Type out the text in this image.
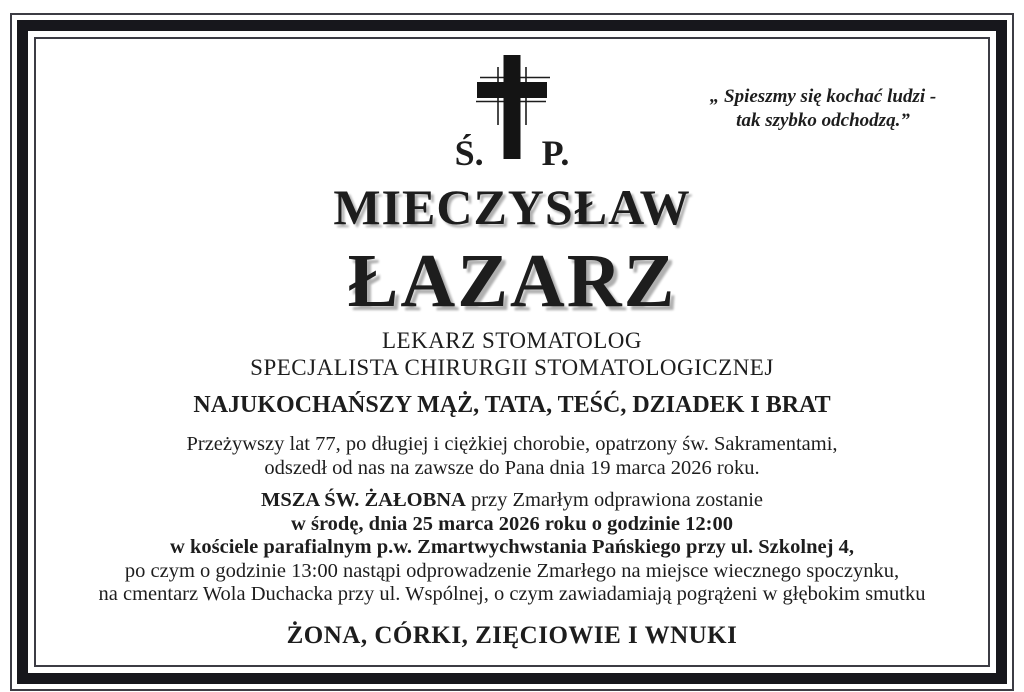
Ś. P.
„ Spieszmy się kochać ludzi -
tak szybko odchodzą.”
MIECZYSŁAW
ŁAZARZ
LEKARZ STOMATOLOG
SPECJALISTA CHIRURGII STOMATOLOGICZNEJ
NAJUKOCHAŃSZY MĄŻ, TATA, TEŚĆ, DZIADEK I BRAT
Przeżywszy lat 77, po długiej i ciężkiej chorobie, opatrzony św. Sakramentami,
odszedł od nas na zawsze do Pana dnia 19 marca 2026 roku.
MSZA ŚW. ŻAŁOBNA przy Zmarłym odprawiona zostanie
w środę, dnia 25 marca 2026 roku o godzinie 12:00
w kościele parafialnym p.w. Zmartwychwstania Pańskiego przy ul. Szkolnej 4,
po czym o godzinie 13:00 nastąpi odprowadzenie Zmarłego na miejsce wiecznego spoczynku,
na cmentarz Wola Duchacka przy ul. Wspólnej, o czym zawiadamiają pogrążeni w głębokim smutku
ŻONA, CÓRKI, ZIĘCIOWIE I WNUKI
